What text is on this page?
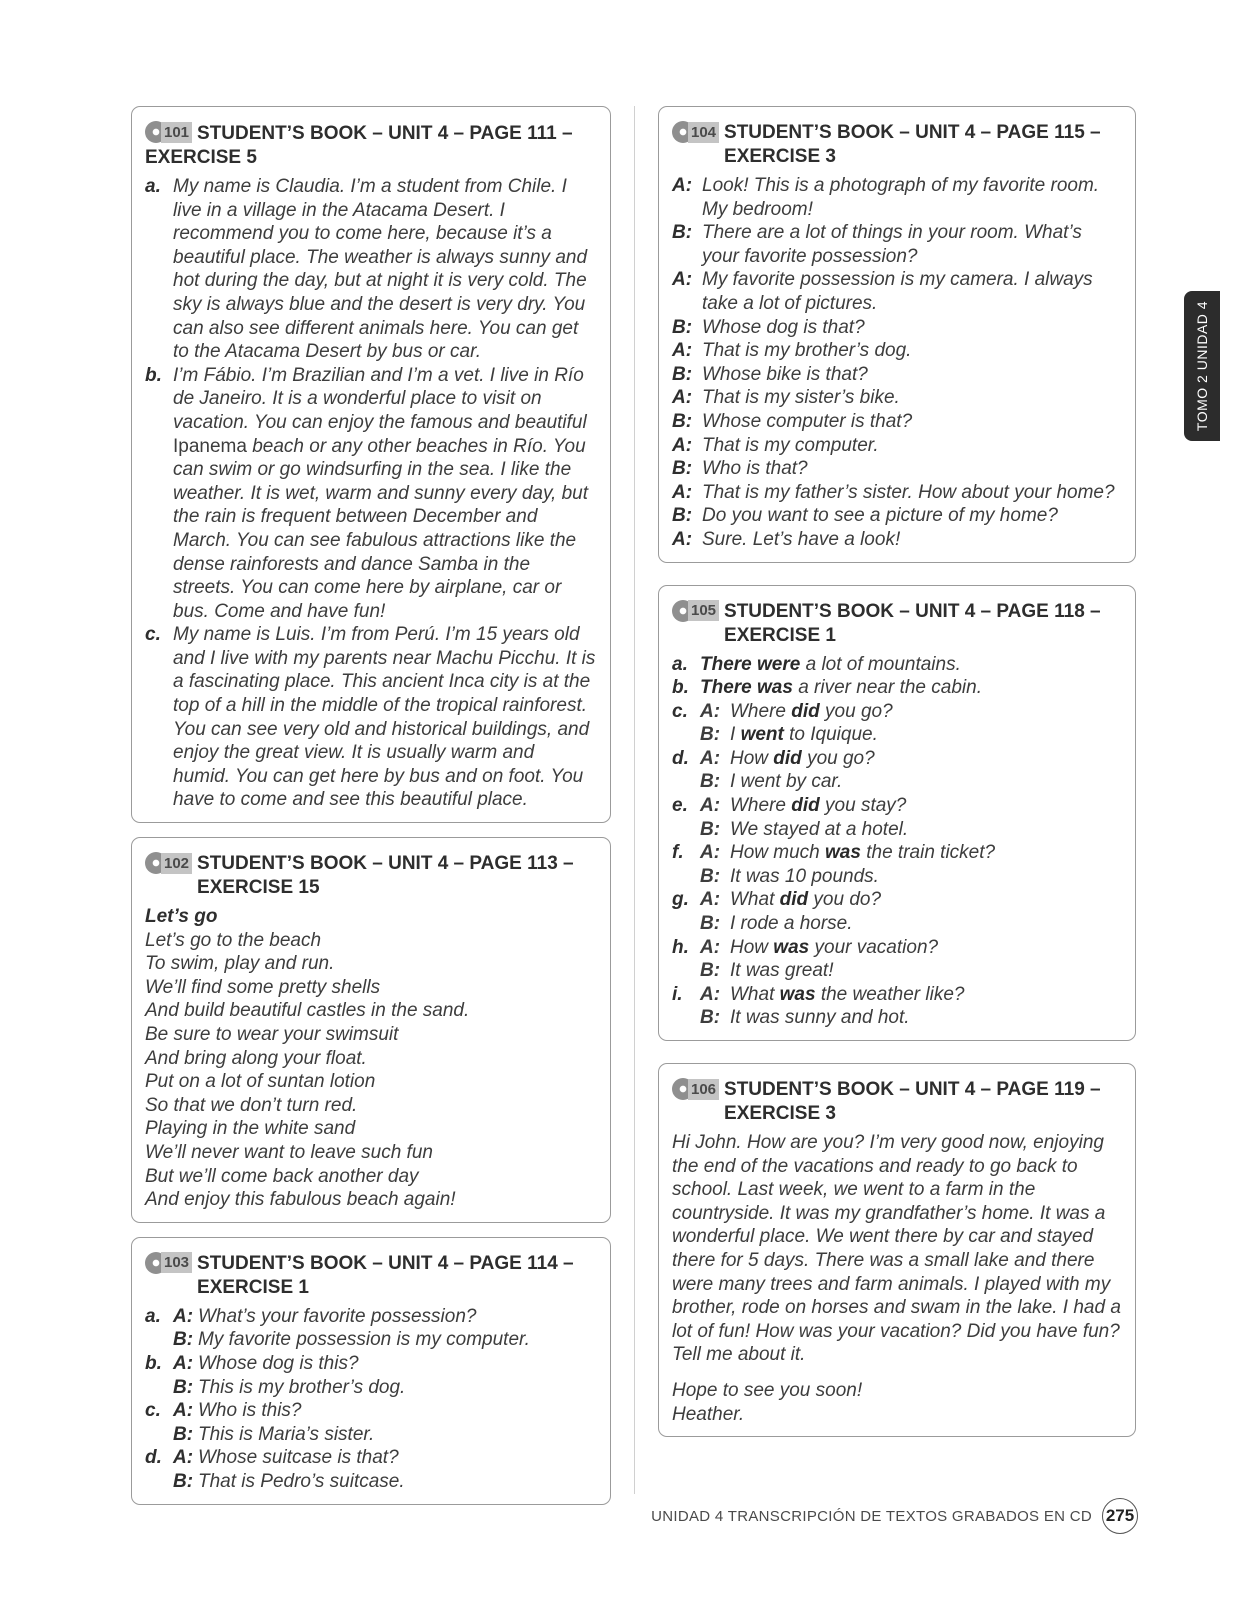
101 STUDENT’S BOOK – UNIT 4 – PAGE 111 – EXERCISE 5
a. My name is Claudia. I’m a student from Chile. I live in a village in the Atacama Desert. I recommend you to come here, because it’s a beautiful place. The weather is always sunny and hot during the day, but at night it is very cold. The sky is always blue and the desert is very dry. You can also see different animals here. You can get to the Atacama Desert by bus or car.
b. I’m Fábio. I’m Brazilian and I’m a vet. I live in Río de Janeiro. It is a wonderful place to visit on vacation. You can enjoy the famous and beautiful Ipanema beach or any other beaches in Río. You can swim or go windsurfing in the sea. I like the weather. It is wet, warm and sunny every day, but the rain is frequent between December and March. You can see fabulous attractions like the dense rainforests and dance Samba in the streets. You can come here by airplane, car or bus. Come and have fun!
c. My name is Luis. I’m from Perú. I’m 15 years old and I live with my parents near Machu Picchu. It is a fascinating place. This ancient Inca city is at the top of a hill in the middle of the tropical rainforest. You can see very old and historical buildings, and enjoy the great view. It is usually warm and humid. You can get here by bus and on foot. You have to come and see this beautiful place.
102 STUDENT’S BOOK – UNIT 4 – PAGE 113 – EXERCISE 15
Let’s go
Let’s go to the beach
To swim, play and run.
We’ll find some pretty shells
And build beautiful castles in the sand.
Be sure to wear your swimsuit
And bring along your float.
Put on a lot of suntan lotion
So that we don’t turn red.
Playing in the white sand
We’ll never want to leave such fun
But we’ll come back another day
And enjoy this fabulous beach again!
103 STUDENT’S BOOK – UNIT 4 – PAGE 114 – EXERCISE 1
a. A: What’s your favorite possession?
B: My favorite possession is my computer.
b. A: Whose dog is this?
B: This is my brother’s dog.
c. A: Who is this?
B: This is Maria’s sister.
d. A: Whose suitcase is that?
B: That is Pedro’s suitcase.
104 STUDENT’S BOOK – UNIT 4 – PAGE 115 – EXERCISE 3
A: Look! This is a photograph of my favorite room. My bedroom!
B: There are a lot of things in your room. What’s your favorite possession?
A: My favorite possession is my camera. I always take a lot of pictures.
B: Whose dog is that?
A: That is my brother’s dog.
B: Whose bike is that?
A: That is my sister’s bike.
B: Whose computer is that?
A: That is my computer.
B: Who is that?
A: That is my father’s sister. How about your home?
B: Do you want to see a picture of my home?
A: Sure. Let’s have a look!
105 STUDENT’S BOOK – UNIT 4 – PAGE 118 – EXERCISE 1
a. There were a lot of mountains.
b. There was a river near the cabin.
c. A: Where did you go?
B: I went to Iquique.
d. A: How did you go?
B: I went by car.
e. A: Where did you stay?
B: We stayed at a hotel.
f. A: How much was the train ticket?
B: It was 10 pounds.
g. A: What did you do?
B: I rode a horse.
h. A: How was your vacation?
B: It was great!
i. A: What was the weather like?
B: It was sunny and hot.
106 STUDENT’S BOOK – UNIT 4 – PAGE 119 – EXERCISE 3
Hi John. How are you? I’m very good now, enjoying the end of the vacations and ready to go back to school. Last week, we went to a farm in the countryside. It was my grandfather’s home. It was a wonderful place. We went there by car and stayed there for 5 days. There was a small lake and there were many trees and farm animals. I played with my brother, rode on horses and swam in the lake. I had a lot of fun! How was your vacation? Did you have fun? Tell me about it.
Hope to see you soon!
Heather.
TOMO 2 UNIDAD 4
UNIDAD 4 TRANSCRIPCIÓN DE TEXTOS GRABADOS EN CD 275
